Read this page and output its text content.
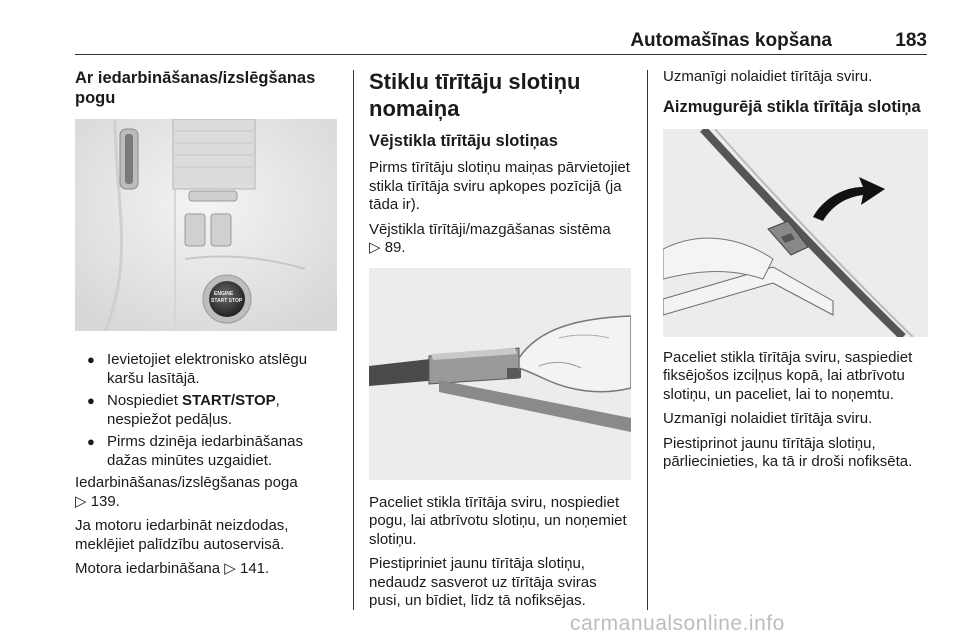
Automašīnas kopšana	183
Ar iedarbināšanas/izslēgšanas pogu
ENGINE
START STOP
● Ievietojiet elektronisko atslēgu karšu lasītājā.
● Nospiediet START/STOP, nespiežot pedāļus.
● Pirms dzinēja iedarbināšanas dažas minūtes uzgaidiet.

Iedarbināšanas/izslēgšanas poga
▷ 139.

Ja motoru iedarbināt neizdodas, meklējiet palīdzību autoservisā.

Motora iedarbināšana ▷ 141.

Stiklu tīrītāju slotiņu nomaiņa
Vējstikla tīrītāju slotiņas

Pirms tīrītāju slotiņu maiņas pārvietojiet stikla tīrītāja sviru apkopes pozīcijā (ja tāda ir).

Vējstikla tīrītāji/mazgāšanas sistēma
▷ 89.

Paceliet stikla tīrītāja sviru, nospiediet pogu, lai atbrīvotu slotiņu, un noņemiet slotiņu.

Piestipriniet jaunu tīrītāja slotiņu, nedaudz sasverot uz tīrītāja sviras pusi, un bīdiet, līdz tā nofiksējas.

Uzmanīgi nolaidiet tīrītāja sviru.

Aizmugurējā stikla tīrītāja slotiņa

Paceliet stikla tīrītāja sviru, saspiediet fiksējošos izciļņus kopā, lai atbrīvotu slotiņu, un paceliet, lai to noņemtu.

Uzmanīgi nolaidiet tīrītāja sviru.

Piestiprinot jaunu tīrītāja slotiņu, pārliecinieties, ka tā ir droši nofiksēta.

carmanualsonline.info
